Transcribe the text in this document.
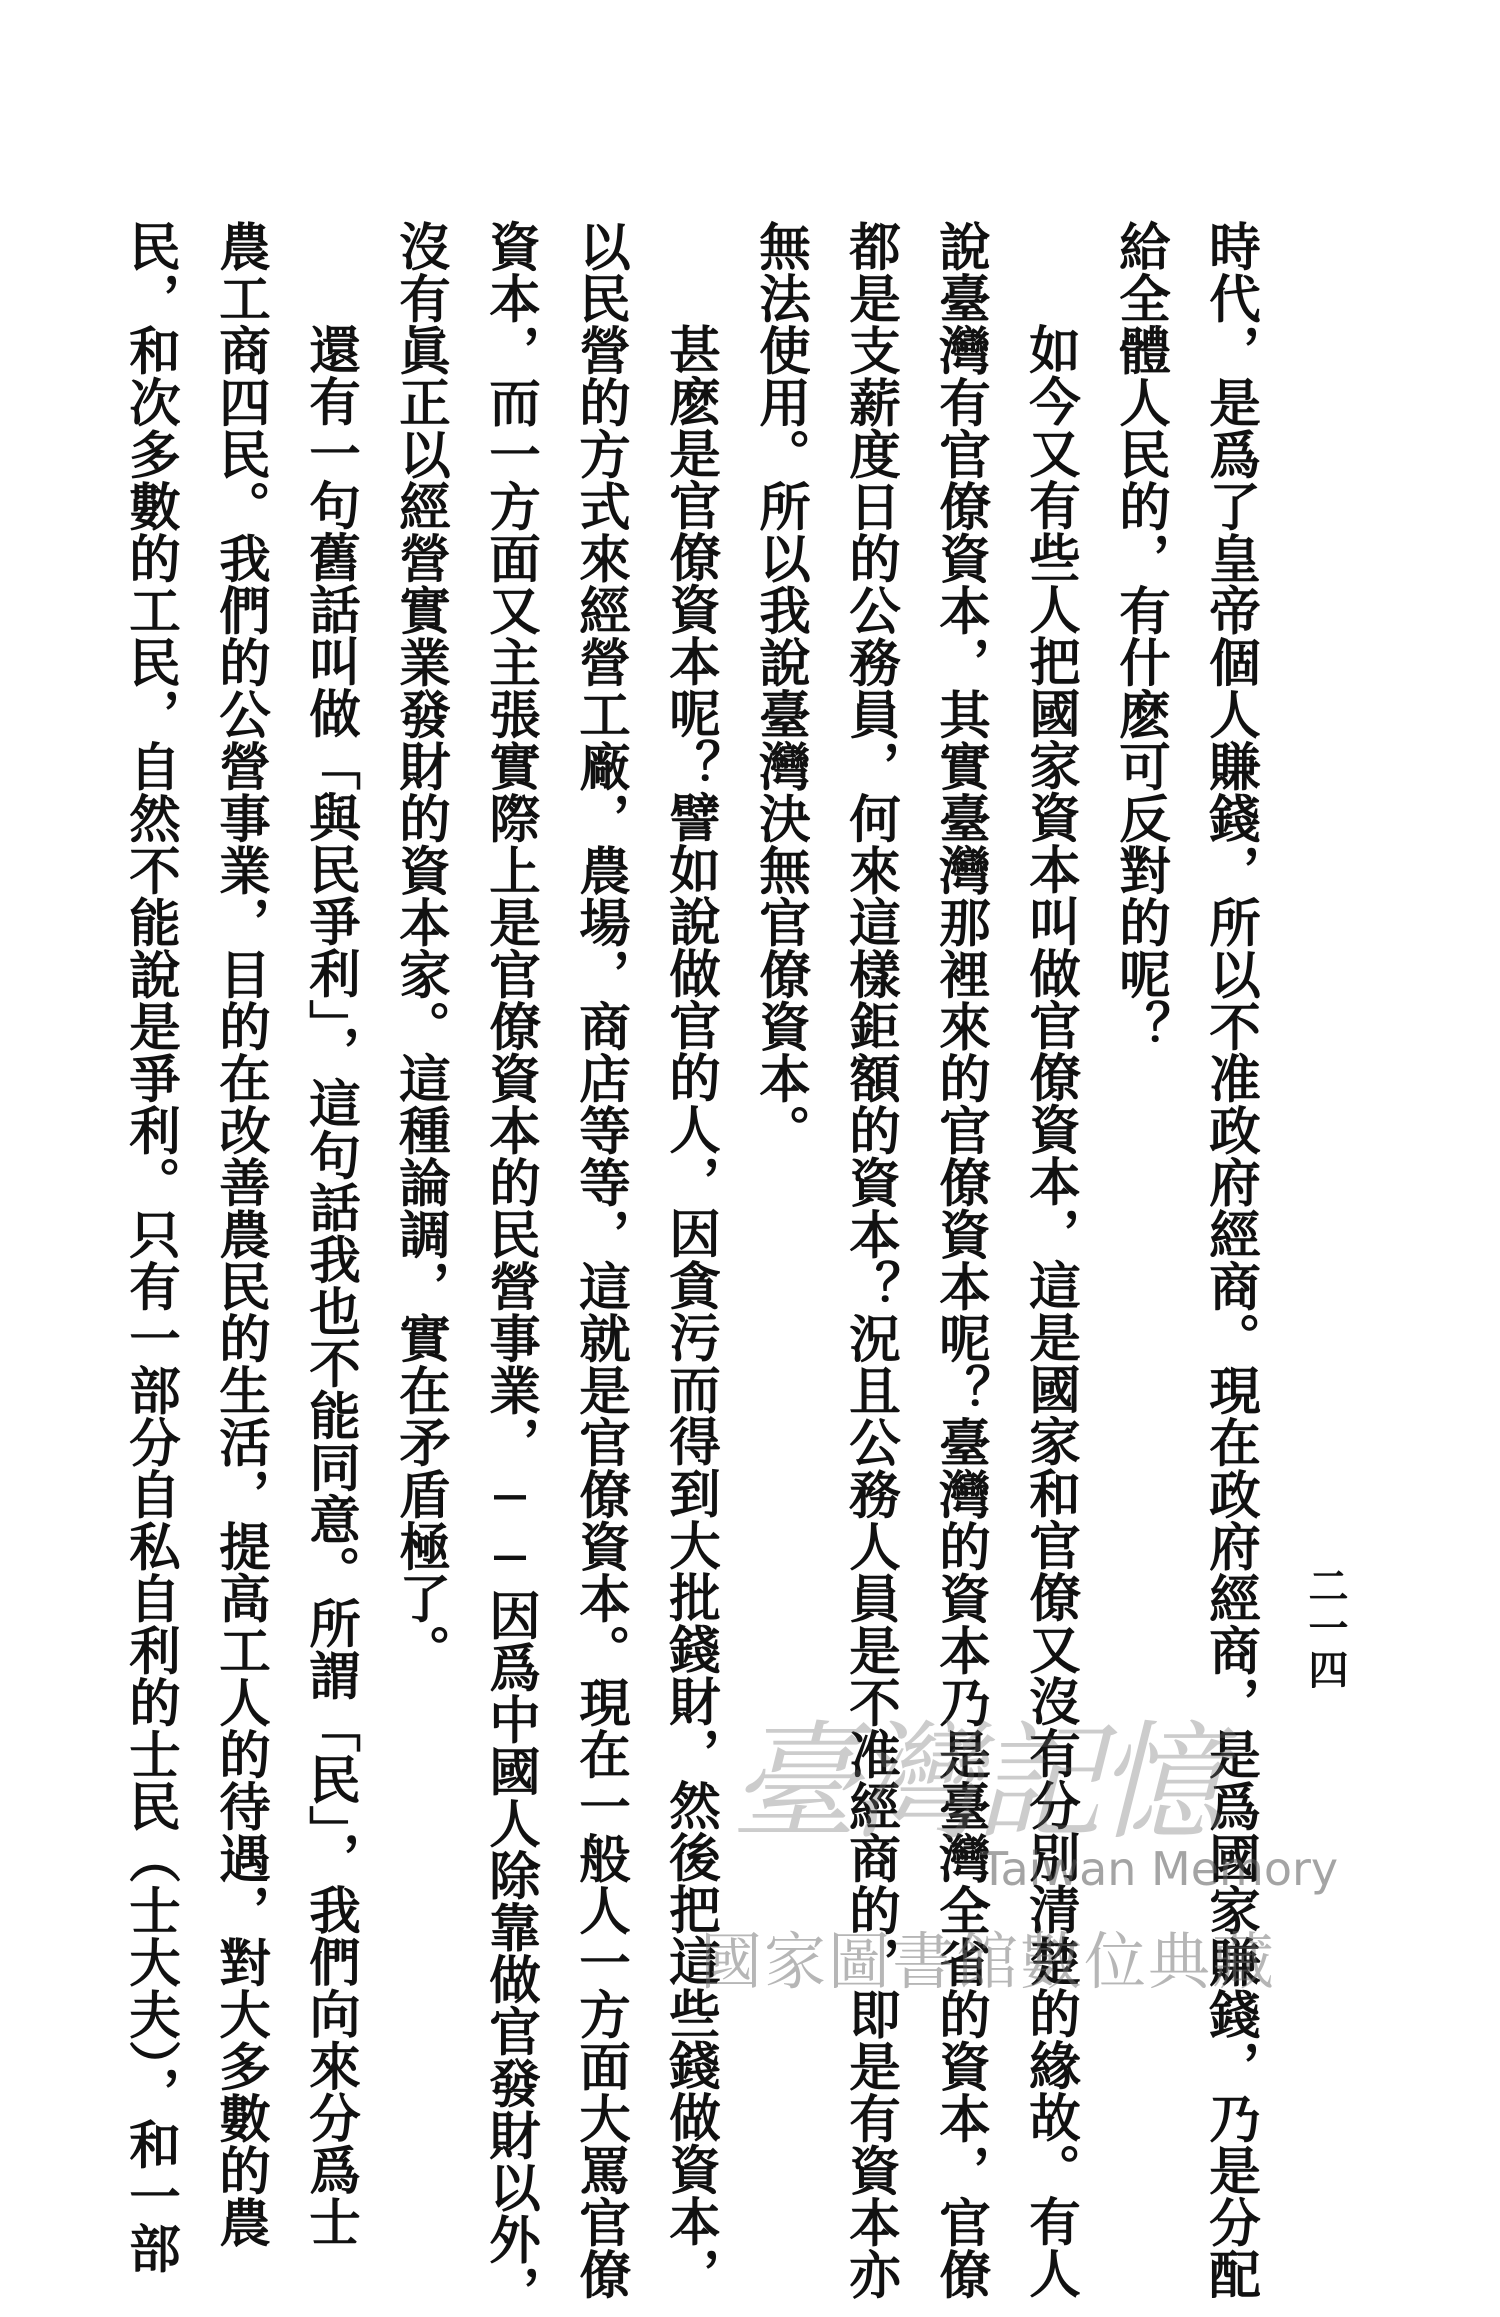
二一四
時代，是爲了皇帝個人賺錢，所以不准政府經商。現在政府經商，是爲國家賺錢，乃是分配
給全體人民的，有什麽可反對的呢？
如今又有些人把國家資本叫做官僚資本，這是國家和官僚又沒有分別清楚的緣故。有人
說臺灣有官僚資本，其實臺灣那裡來的官僚資本呢？臺灣的資本乃是臺灣全省的資本，官僚
都是支薪度日的公務員，何來這樣鉅額的資本？況且公務人員是不准經商的，即是有資本亦
無法使用。所以我說臺灣決無官僚資本。
甚麽是官僚資本呢？譬如說做官的人，因貪污而得到大批錢財，然後把這些錢做資本，
以民營的方式來經營工廠，農場，商店等等，這就是官僚資本。現在一般人一方面大罵官僚
資本，而一方面又主張實際上是官僚資本的民營事業，──因爲中國人除靠做官發財以外，
沒有眞正以經營實業發財的資本家。這種論調，實在矛盾極了。
還有一句舊話叫做「與民爭利」，這句話我也不能同意。所謂「民」，我們向來分爲士
農工商四民。我們的公營事業，目的在改善農民的生活，提高工人的待遇，對大多數的農
民，和次多數的工民，自然不能說是爭利。只有一部分自私自利的士民（士大夫），和一部	臺灣記憶
Taiwan Memory
國家圖書館數位典藏
